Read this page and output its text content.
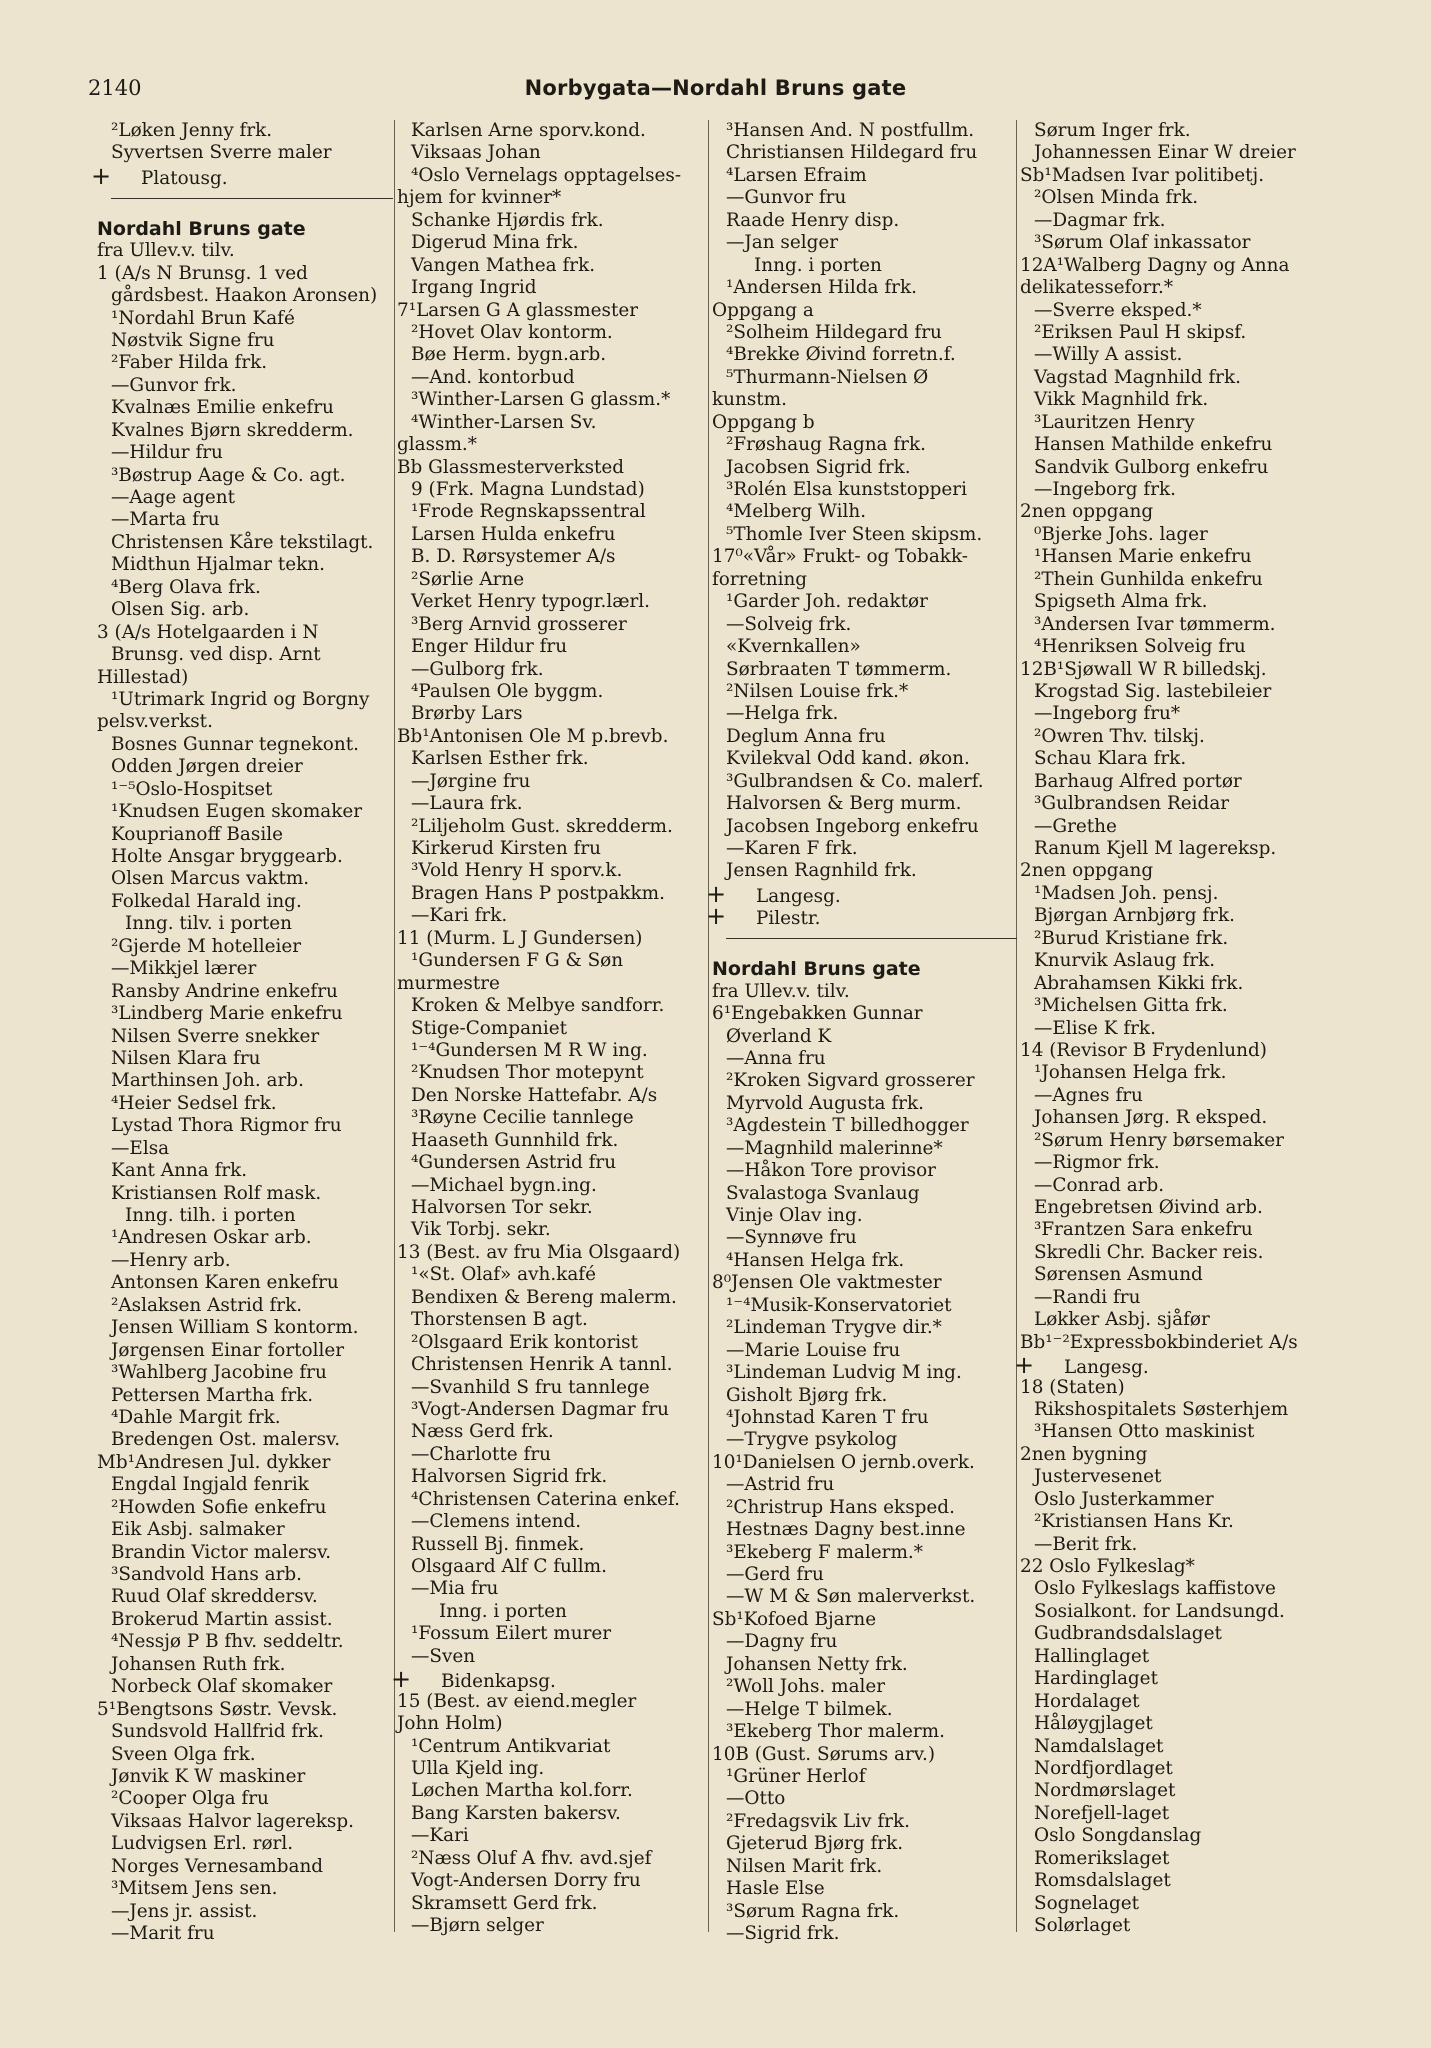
2140	Norbygata—Nordahl Bruns gate
²Løken Jenny frk.
Syvertsen Sverre maler
+ Platousg.
Nordahl Bruns gate
fra Ullev.v. tilv.
1 (A/s N Brunsg. 1 ved
gårdsbest. Haakon Aronsen)
¹Nordahl Brun Kafé
Nøstvik Signe fru
²Faber Hilda frk.
—Gunvor frk.
Kvalnæs Emilie enkefru
Kvalnes Bjørn skredderm.
—Hildur fru
³Bøstrup Aage & Co. agt.
—Aage agent
—Marta fru
Christensen Kåre tekstilagt.
Midthun Hjalmar tekn.
⁴Berg Olava frk.
Olsen Sig. arb.
3 (A/s Hotelgaarden i N
Brunsg. ved disp. Arnt
Hillestad)
¹Utrimark Ingrid og Borgny
pelsv.verkst.
Bosnes Gunnar tegnekont.
Odden Jørgen dreier
¹⁻⁵Oslo-Hospitset
¹Knudsen Eugen skomaker
Kouprianoff Basile
Holte Ansgar bryggearb.
Olsen Marcus vaktm.
Folkedal Harald ing.
Inng. tilv. i porten
²Gjerde M hotelleier
—Mikkjel lærer
Ransby Andrine enkefru
³Lindberg Marie enkefru
Nilsen Sverre snekker
Nilsen Klara fru
Marthinsen Joh. arb.
⁴Heier Sedsel frk.
Lystad Thora Rigmor fru
—Elsa
Kant Anna frk.
Kristiansen Rolf mask.
Inng. tilh. i porten
¹Andresen Oskar arb.
—Henry arb.
Antonsen Karen enkefru
²Aslaksen Astrid frk.
Jensen William S kontorm.
Jørgensen Einar fortoller
³Wahlberg Jacobine fru
Pettersen Martha frk.
⁴Dahle Margit frk.
Bredengen Ost. malersv.
Mb¹Andresen Jul. dykker
Engdal Ingjald fenrik
²Howden Sofie enkefru
Eik Asbj. salmaker
Brandin Victor malersv.
³Sandvold Hans arb.
Ruud Olaf skreddersv.
Brokerud Martin assist.
⁴Nessjø P B fhv. seddeltr.
Johansen Ruth frk.
Norbeck Olaf skomaker
5¹Bengtsons Søstr. Vevsk.
Sundsvold Hallfrid frk.
Sveen Olga frk.
Jønvik K W maskiner
²Cooper Olga fru
Viksaas Halvor lagereksp.
Ludvigsen Erl. rørl.
Norges Vernesamband
³Mitsem Jens sen.
—Jens jr. assist.
—Marit fru
Karlsen Arne sporv.kond.
Viksaas Johan
⁴Oslo Vernelags opptagelses-
hjem for kvinner*
Schanke Hjørdis frk.
Digerud Mina frk.
Vangen Mathea frk.
Irgang Ingrid
7¹Larsen G A glassmester
²Hovet Olav kontorm.
Bøe Herm. bygn.arb.
—And. kontorbud
³Winther-Larsen G glassm.*
⁴Winther-Larsen Sv.
glassm.*
Bb Glassmesterverksted
9 (Frk. Magna Lundstad)
¹Frode Regnskapssentral
Larsen Hulda enkefru
B. D. Rørsystemer A/s
²Sørlie Arne
Verket Henry typogr.lærl.
³Berg Arnvid grosserer
Enger Hildur fru
—Gulborg frk.
⁴Paulsen Ole byggm.
Brørby Lars
Bb¹Antonisen Ole M p.brevb.
Karlsen Esther frk.
—Jørgine fru
—Laura frk.
²Liljeholm Gust. skredderm.
Kirkerud Kirsten fru
³Vold Henry H sporv.k.
Bragen Hans P postpakkm.
—Kari frk.
11 (Murm. L J Gundersen)
¹Gundersen F G & Søn
murmestre
Kroken & Melbye sandforr.
Stige-Companiet
¹⁻⁴Gundersen M R W ing.
²Knudsen Thor motepynt
Den Norske Hattefabr. A/s
³Røyne Cecilie tannlege
Haaseth Gunnhild frk.
⁴Gundersen Astrid fru
—Michael bygn.ing.
Halvorsen Tor sekr.
Vik Torbj. sekr.
13 (Best. av fru Mia Olsgaard)
¹«St. Olaf» avh.kafé
Bendixen & Bereng malerm.
Thorstensen B agt.
²Olsgaard Erik kontorist
Christensen Henrik A tannl.
—Svanhild S fru tannlege
³Vogt-Andersen Dagmar fru
Næss Gerd frk.
—Charlotte fru
Halvorsen Sigrid frk.
⁴Christensen Caterina enkef.
—Clemens intend.
Russell Bj. finmek.
Olsgaard Alf C fullm.
—Mia fru
Inng. i porten
¹Fossum Eilert murer
—Sven
+ Bidenkapsg.
15 (Best. av eiend.megler
John Holm)
¹Centrum Antikvariat
Ulla Kjeld ing.
Løchen Martha kol.forr.
Bang Karsten bakersv.
—Kari
²Næss Oluf A fhv. avd.sjef
Vogt-Andersen Dorry fru
Skramsett Gerd frk.
—Bjørn selger
³Hansen And. N postfullm.
Christiansen Hildegard fru
⁴Larsen Efraim
—Gunvor fru
Raade Henry disp.
—Jan selger
Inng. i porten
¹Andersen Hilda frk.
Oppgang a
²Solheim Hildegard fru
⁴Brekke Øivind forretn.f.
⁵Thurmann-Nielsen Ø
kunstm.
Oppgang b
²Frøshaug Ragna frk.
Jacobsen Sigrid frk.
³Rolén Elsa kunststopperi
⁴Melberg Wilh.
⁵Thomle Iver Steen skipsm.
17⁰«Vår» Frukt- og Tobakk-
forretning
¹Garder Joh. redaktør
—Solveig frk.
«Kvernkallen»
Sørbraaten T tømmerm.
²Nilsen Louise frk.*
—Helga frk.
Deglum Anna fru
Kvilekval Odd kand. økon.
³Gulbrandsen & Co. malerf.
Halvorsen & Berg murm.
Jacobsen Ingeborg enkefru
—Karen F frk.
Jensen Ragnhild frk.
+ Langesg.
+ Pilestr.
Nordahl Bruns gate
fra Ullev.v. tilv.
6¹Engebakken Gunnar
Øverland K
—Anna fru
²Kroken Sigvard grosserer
Myrvold Augusta frk.
³Agdestein T billedhogger
—Magnhild malerinne*
—Håkon Tore provisor
Svalastoga Svanlaug
Vinje Olav ing.
—Synnøve fru
⁴Hansen Helga frk.
8⁰Jensen Ole vaktmester
¹⁻⁴Musik-Konservatoriet
²Lindeman Trygve dir.*
—Marie Louise fru
³Lindeman Ludvig M ing.
Gisholt Bjørg frk.
⁴Johnstad Karen T fru
—Trygve psykolog
10¹Danielsen O jernb.overk.
—Astrid fru
²Christrup Hans eksped.
Hestnæs Dagny best.inne
³Ekeberg F malerm.*
—Gerd fru
—W M & Søn malerverkst.
Sb¹Kofoed Bjarne
—Dagny fru
Johansen Netty frk.
²Woll Johs. maler
—Helge T bilmek.
³Ekeberg Thor malerm.
10B (Gust. Sørums arv.)
¹Grüner Herlof
—Otto
²Fredagsvik Liv frk.
Gjeterud Bjørg frk.
Nilsen Marit frk.
Hasle Else
³Sørum Ragna frk.
—Sigrid frk.
Sørum Inger frk.
Johannessen Einar W dreier
Sb¹Madsen Ivar politibetj.
²Olsen Minda frk.
—Dagmar frk.
³Sørum Olaf inkassator
12A¹Walberg Dagny og Anna
delikatesseforr.*
—Sverre eksped.*
²Eriksen Paul H skipsf.
—Willy A assist.
Vagstad Magnhild frk.
Vikk Magnhild frk.
³Lauritzen Henry
Hansen Mathilde enkefru
Sandvik Gulborg enkefru
—Ingeborg frk.
2nen oppgang
⁰Bjerke Johs. lager
¹Hansen Marie enkefru
²Thein Gunhilda enkefru
Spigseth Alma frk.
³Andersen Ivar tømmerm.
⁴Henriksen Solveig fru
12B¹Sjøwall W R billedskj.
Krogstad Sig. lastebileier
—Ingeborg fru*
²Owren Thv. tilskj.
Schau Klara frk.
Barhaug Alfred portør
³Gulbrandsen Reidar
—Grethe
Ranum Kjell M lagereksp.
2nen oppgang
¹Madsen Joh. pensj.
Bjørgan Arnbjørg frk.
²Burud Kristiane frk.
Knurvik Aslaug frk.
Abrahamsen Kikki frk.
³Michelsen Gitta frk.
—Elise K frk.
14 (Revisor B Frydenlund)
¹Johansen Helga frk.
—Agnes fru
Johansen Jørg. R eksped.
²Sørum Henry børsemaker
—Rigmor frk.
—Conrad arb.
Engebretsen Øivind arb.
³Frantzen Sara enkefru
Skredli Chr. Backer reis.
Sørensen Asmund
—Randi fru
Løkker Asbj. sjåfør
Bb¹⁻²Expressbokbinderiet A/s
+ Langesg.
18 (Staten)
Rikshospitalets Søsterhjem
³Hansen Otto maskinist
2nen bygning
Justervesenet
Oslo Justerkammer
²Kristiansen Hans Kr.
—Berit frk.
22 Oslo Fylkeslag*
Oslo Fylkeslags kaffistove
Sosialkont. for Landsungd.
Gudbrandsdalslaget
Hallinglaget
Hardinglaget
Hordalaget
Håløygjlaget
Namdalslaget
Nordfjordlaget
Nordmørslaget
Norefjell-laget
Oslo Songdanslag
Romerikslaget
Romsdalslaget
Sognelaget
Solørlaget
